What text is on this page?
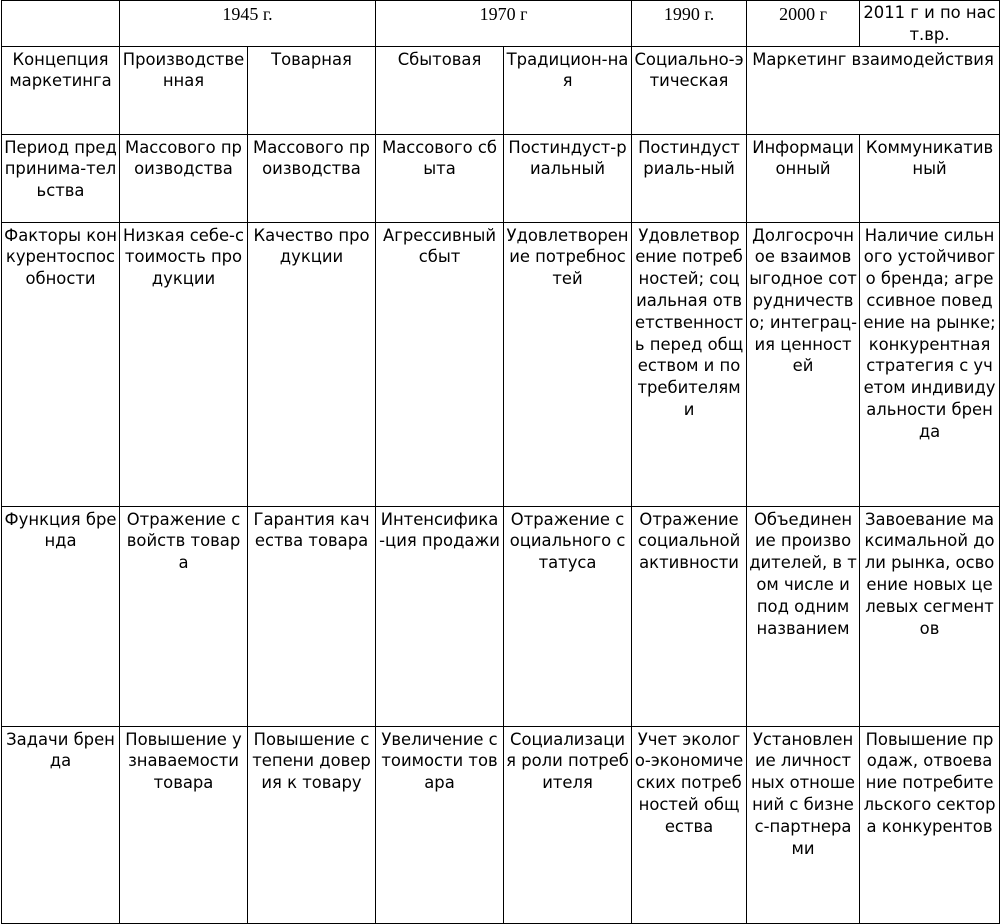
	1945 г.		1970 г		1990 г.	2000 г	2011 г и по наст.вр.

Концепция маркетинга	Производственная	Товарная	Сбытовая	Традицион-ная	Социально-этическая	Маркетинг взаимодействия	

Период предпринима-тельства	Массового производства	Массового производства	Массового сбыта	Постиндуст-риальный	Постиндустриаль-ный	Информационный	Коммуникативный

Факторы конкурентоспособности	Низкая себе-стоимость продукции	Качество продукции	Агрессивный сбыт	Удовлетворение потребностей	Удовлетворение потребностей; социальная ответственность перед обществом и потребителями	Долгосрочное взаимовыгодное сотрудничество; интеграция ценностей	Наличие сильного устойчивого бренда; агрессивное поведение на рынке; конкурентная стратегия с учетом индивидуальности бренда

Функция бренда	Отражение свойств товара	Гарантия качества товара	Интенсифика-ция продажи	Отражение социального статуса	Отражение социальной активности	Объединение производителей, в том числе и под одним названием	Завоевание максимальной доли рынка, освоение новых целевых сегментов

Задачи бренда	Повышение узнаваемости товара	Повышение степени доверия к товару	Увеличение стоимости товара	Социализация роли потребителя	Учет эколого-экономических потребностей общества	Установление личностных отношений с бизнес-партнерами	Повышение продаж, отвоевание потребительского сектора конкурентов
